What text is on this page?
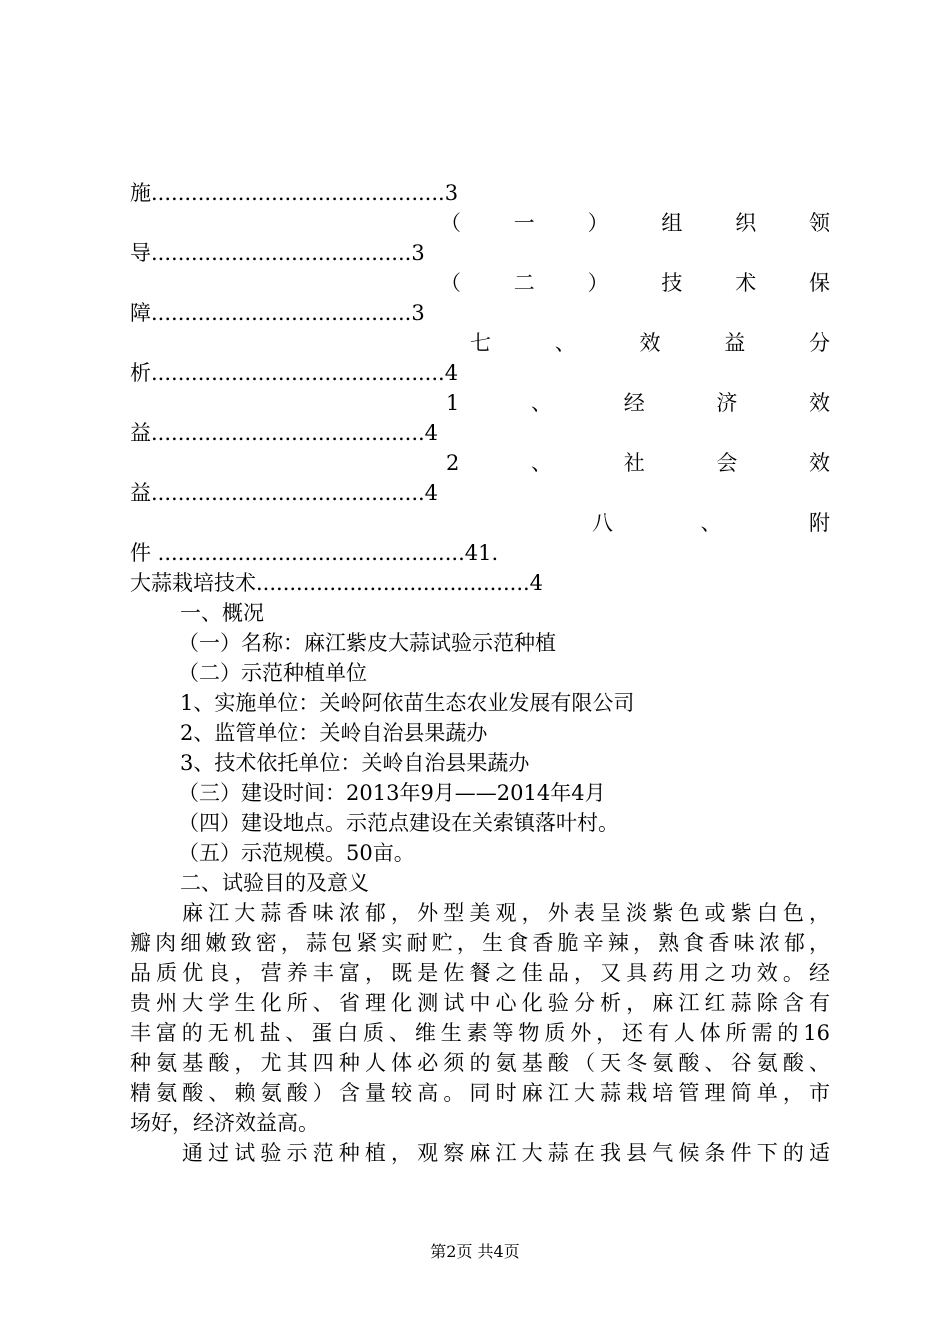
施............................................3
（	一	）	组	织	领
导.......................................3
（	二	）	技	术	保
障.......................................3
七	、	效	益	分
析............................................4
1	、	经	济	效
益.........................................4
2	、	社	会	效
益.........................................4
八	、	附
件 ..............................................41.
大蒜栽培技术.........................................4
一、概况
（一）名称：麻江紫皮大蒜试验示范种植
（二）示范种植单位
1、实施单位：关岭阿依苗生态农业发展有限公司
2、监管单位：关岭自治县果蔬办
3、技术依托单位：关岭自治县果蔬办
（三）建设时间：2013年9月——2014年4月
（四）建设地点。示范点建设在关索镇落叶村。
（五）示范规模。50亩。
二、试验目的及意义
麻江大蒜香味浓郁，外型美观，外表呈淡紫色或紫白色，
瓣肉细嫩致密，蒜包紧实耐贮，生食香脆辛辣，熟食香味浓郁，
品质优良，营养丰富，既是佐餐之佳品，又具药用之功效。经
贵州大学生化所、省理化测试中心化验分析，麻江红蒜除含有
丰富的无机盐、蛋白质、维生素等物质外，还有人体所需的16
种氨基酸，尤其四种人体必须的氨基酸（天冬氨酸、谷氨酸、
精氨酸、赖氨酸）含量较高。同时麻江大蒜栽培管理简单，市
场好，经济效益高。
通过试验示范种植，观察麻江大蒜在我县气候条件下的适
第2页 共4页
